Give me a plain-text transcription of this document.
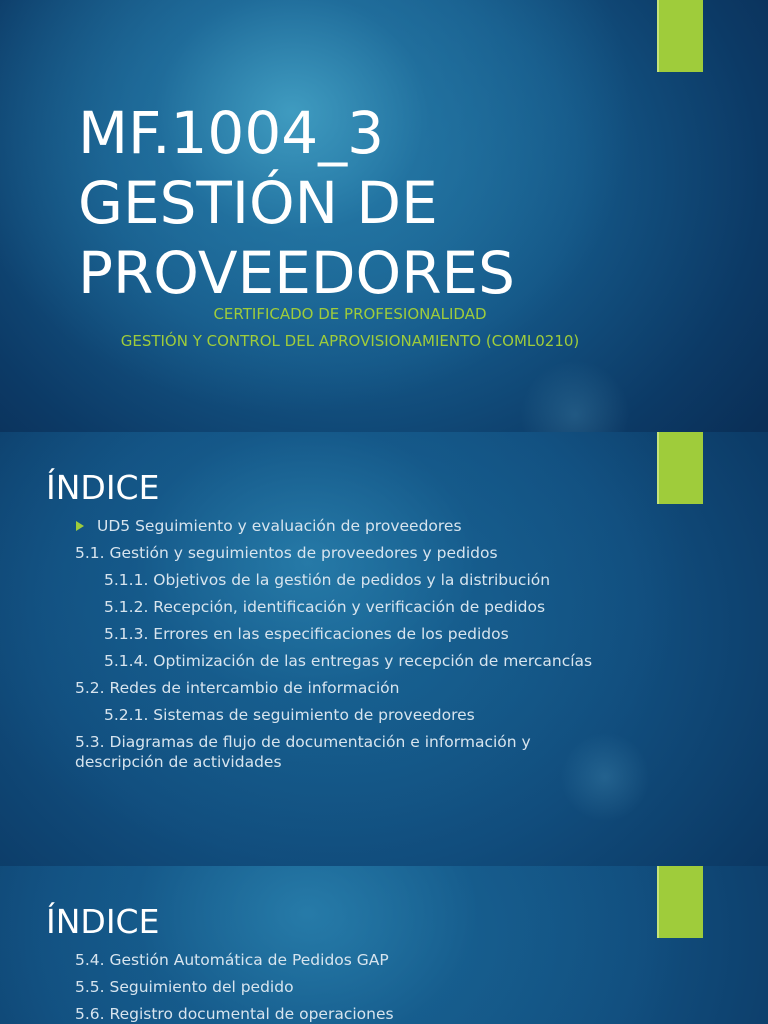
MF.1004_3
GESTIÓN DE
PROVEEDORES

CERTIFICADO DE PROFESIONALIDAD

GESTIÓN Y CONTROL DEL APROVISIONAMIENTO (COML0210)

ÍNDICE
UD5 Seguimiento y evaluación de proveedores
5.1. Gestión y seguimientos de proveedores y pedidos
5.1.1. Objetivos de la gestión de pedidos y la distribución
5.1.2. Recepción, identificación y verificación de pedidos
5.1.3. Errores en las especificaciones de los pedidos
5.1.4. Optimización de las entregas y recepción de mercancías
5.2. Redes de intercambio de información
5.2.1. Sistemas de seguimiento de proveedores
5.3. Diagramas de flujo de documentación e información y descripción de actividades
ÍNDICE
5.4. Gestión Automática de Pedidos GAP
5.5. Seguimiento del pedido
5.6. Registro documental de operaciones
